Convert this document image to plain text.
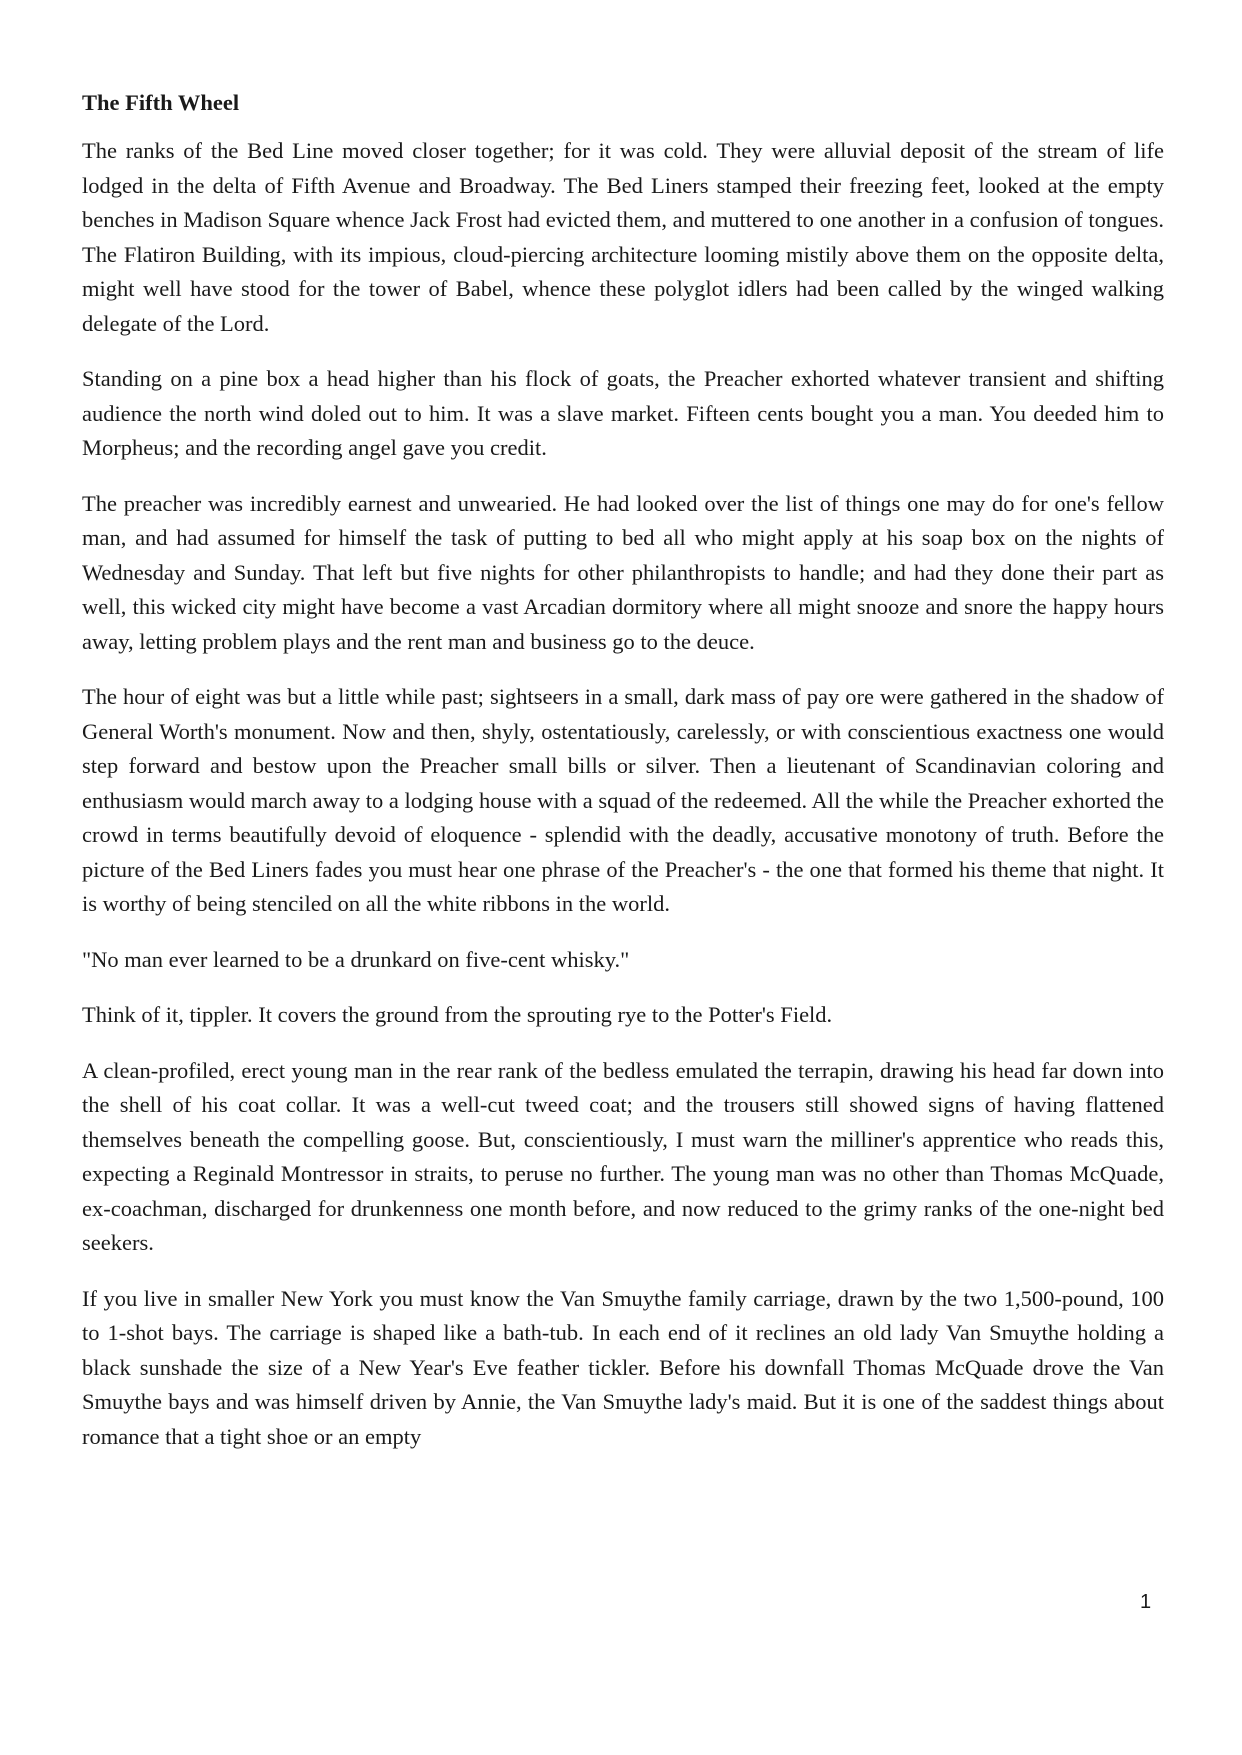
The Fifth Wheel

The ranks of the Bed Line moved closer together; for it was cold. They were alluvial deposit of the stream of life lodged in the delta of Fifth Avenue and Broadway. The Bed Liners stamped their freezing feet, looked at the empty benches in Madison Square whence Jack Frost had evicted them, and muttered to one another in a confusion of tongues. The Flatiron Building, with its impious, cloud-piercing architecture looming mistily above them on the opposite delta, might well have stood for the tower of Babel, whence these polyglot idlers had been called by the winged walking delegate of the Lord.

Standing on a pine box a head higher than his flock of goats, the Preacher exhorted whatever transient and shifting audience the north wind doled out to him. It was a slave market. Fifteen cents bought you a man. You deeded him to Morpheus; and the recording angel gave you credit.

The preacher was incredibly earnest and unwearied. He had looked over the list of things one may do for one's fellow man, and had assumed for himself the task of putting to bed all who might apply at his soap box on the nights of Wednesday and Sunday. That left but five nights for other philanthropists to handle; and had they done their part as well, this wicked city might have become a vast Arcadian dormitory where all might snooze and snore the happy hours away, letting problem plays and the rent man and business go to the deuce.

The hour of eight was but a little while past; sightseers in a small, dark mass of pay ore were gathered in the shadow of General Worth's monument. Now and then, shyly, ostentatiously, carelessly, or with conscientious exactness one would step forward and bestow upon the Preacher small bills or silver. Then a lieutenant of Scandinavian coloring and enthusiasm would march away to a lodging house with a squad of the redeemed. All the while the Preacher exhorted the crowd in terms beautifully devoid of eloquence - splendid with the deadly, accusative monotony of truth. Before the picture of the Bed Liners fades you must hear one phrase of the Preacher's - the one that formed his theme that night. It is worthy of being stenciled on all the white ribbons in the world.

"No man ever learned to be a drunkard on five-cent whisky."

Think of it, tippler. It covers the ground from the sprouting rye to the Potter's Field.

A clean-profiled, erect young man in the rear rank of the bedless emulated the terrapin, drawing his head far down into the shell of his coat collar. It was a well-cut tweed coat; and the trousers still showed signs of having flattened themselves beneath the compelling goose. But, conscientiously, I must warn the milliner's apprentice who reads this, expecting a Reginald Montressor in straits, to peruse no further. The young man was no other than Thomas McQuade, ex-coachman, discharged for drunkenness one month before, and now reduced to the grimy ranks of the one-night bed seekers.

If you live in smaller New York you must know the Van Smuythe family carriage, drawn by the two 1,500-pound, 100 to 1-shot bays. The carriage is shaped like a bath-tub. In each end of it reclines an old lady Van Smuythe holding a black sunshade the size of a New Year's Eve feather tickler. Before his downfall Thomas McQuade drove the Van Smuythe bays and was himself driven by Annie, the Van Smuythe lady's maid. But it is one of the saddest things about romance that a tight shoe or an empty

1
